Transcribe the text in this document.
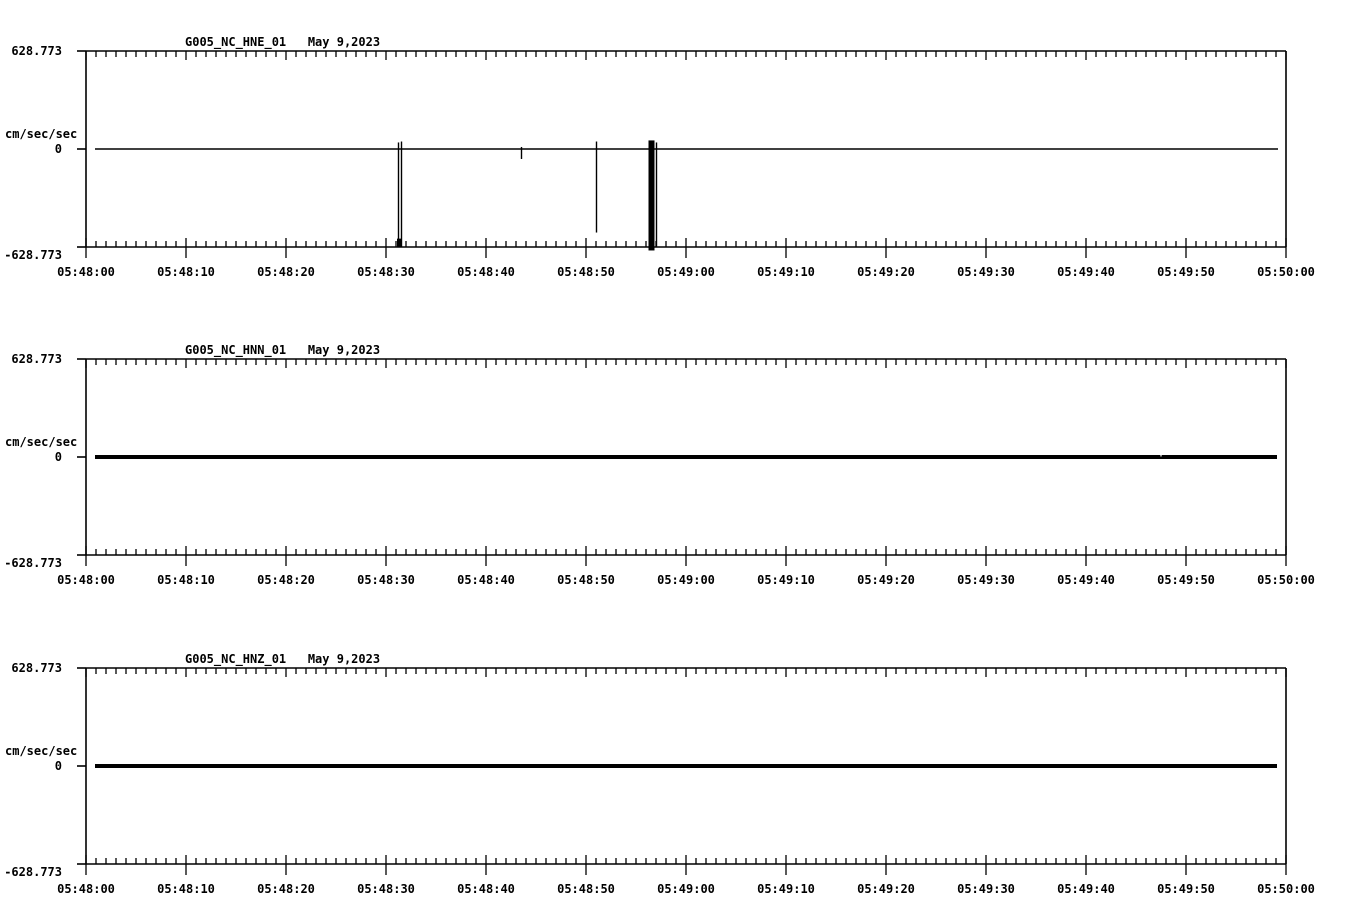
G005_NC_HNE_01   May 9,2023
628.773
cm/sec/sec
0
-628.773
05:48:00	05:48:10	05:48:20	05:48:30	05:48:40	05:48:50	05:49:00	05:49:10	05:49:20	05:49:30	05:49:40	05:49:50	05:50:00
G005_NC_HNN_01   May 9,2023
628.773
cm/sec/sec
0
-628.773
05:48:00	05:48:10	05:48:20	05:48:30	05:48:40	05:48:50	05:49:00	05:49:10	05:49:20	05:49:30	05:49:40	05:49:50	05:50:00
G005_NC_HNZ_01   May 9,2023
628.773
cm/sec/sec
0
-628.773
05:48:00	05:48:10	05:48:20	05:48:30	05:48:40	05:48:50	05:49:00	05:49:10	05:49:20	05:49:30	05:49:40	05:49:50	05:50:00
